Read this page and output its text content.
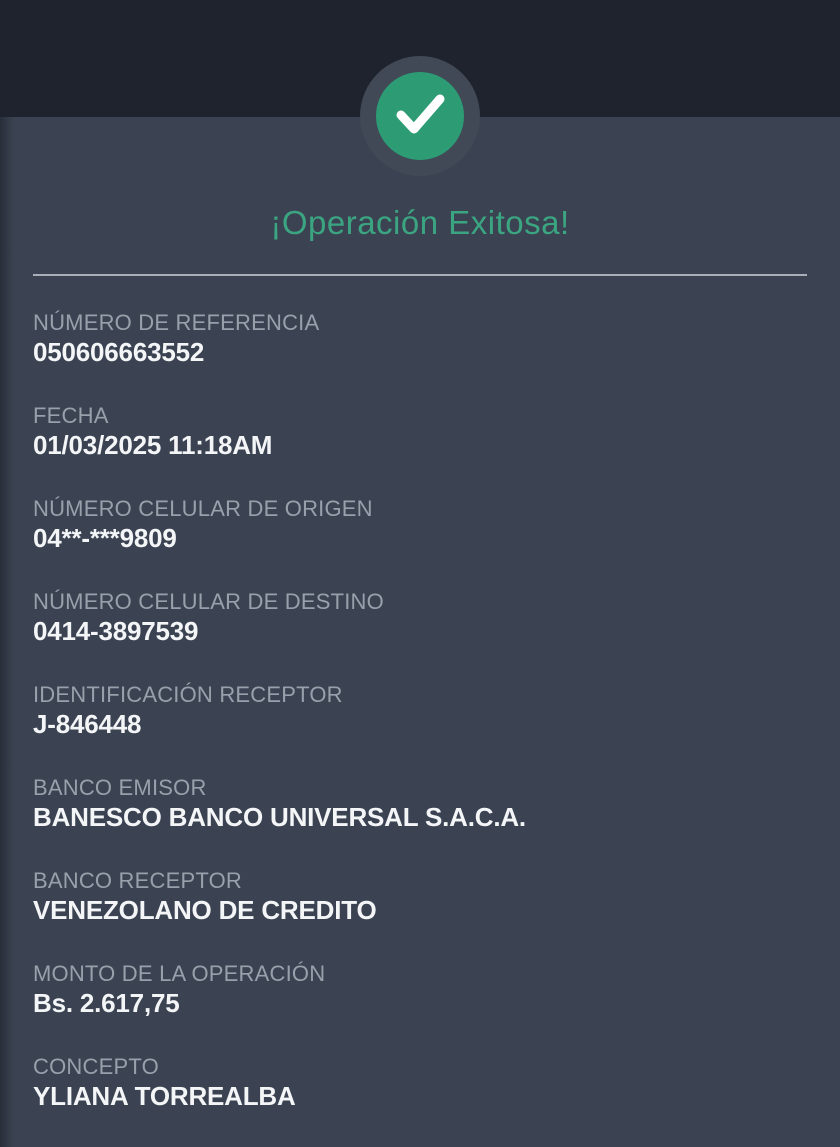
¡Operación Exitosa!
NÚMERO DE REFERENCIA
050606663552
FECHA
01/03/2025 11:18AM
NÚMERO CELULAR DE ORIGEN
04**-***9809
NÚMERO CELULAR DE DESTINO
0414-3897539
IDENTIFICACIÓN RECEPTOR
J-846448
BANCO EMISOR
BANESCO BANCO UNIVERSAL S.A.C.A.
BANCO RECEPTOR
VENEZOLANO DE CREDITO
MONTO DE LA OPERACIÓN
Bs. 2.617,75
CONCEPTO
YLIANA TORREALBA
